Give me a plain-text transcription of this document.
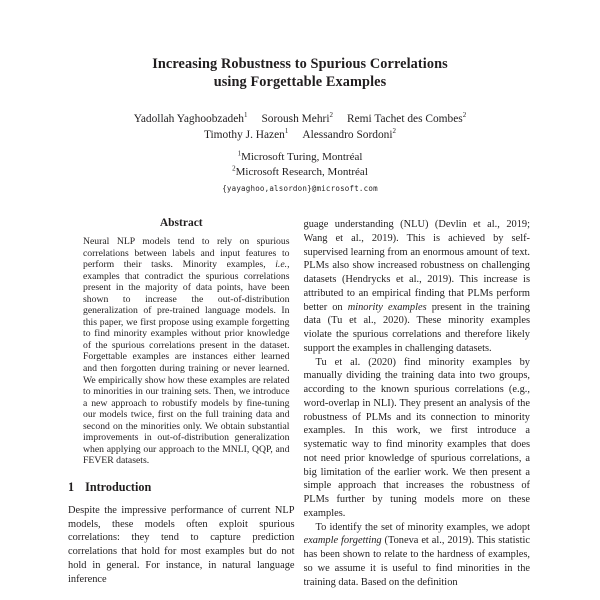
Increasing Robustness to Spurious Correlations
using Forgettable Examples
Yadollah Yaghoobzadeh$^1$ Soroush Mehri$^2$ Remi Tachet des Combes$^2$
Timothy J. Hazen$^1$ Alessandro Sordoni$^2$
$^1$Microsoft Turing, Montréal
$^2$Microsoft Research, Montréal
{yayaghoo,alsordon}@microsoft.com
Abstract
Neural NLP models tend to rely on spurious correlations between labels and input features to perform their tasks. Minority examples, i.e., examples that contradict the spurious correlations present in the majority of data points, have been shown to increase the out-of-distribution generalization of pre-trained language models. In this paper, we first propose using example forgetting to find minority examples without prior knowledge of the spurious correlations present in the dataset. Forgettable examples are instances either learned and then forgotten during training or never learned. We empirically show how these examples are related to minorities in our training sets. Then, we introduce a new approach to robustify models by fine-tuning our models twice, first on the full training data and second on the minorities only. We obtain substantial improvements in out-of-distribution generalization when applying our approach to the MNLI, QQP, and FEVER datasets.
1 Introduction

Despite the impressive performance of current NLP models, these models often exploit spurious correlations: they tend to capture prediction correlations that hold for most examples but do not hold in general. For instance, in natural language inference

guage understanding (NLU) (Devlin et al., 2019; Wang et al., 2019). This is achieved by self-supervised learning from an enormous amount of text. PLMs also show increased robustness on challenging datasets (Hendrycks et al., 2019). This increase is attributed to an empirical finding that PLMs perform better on minority examples present in the training data (Tu et al., 2020). These minority examples violate the spurious correlations and therefore likely support the examples in challenging datasets.

Tu et al. (2020) find minority examples by manually dividing the training data into two groups, according to the known spurious correlations (e.g., word-overlap in NLI). They present an analysis of the robustness of PLMs and its connection to minority examples. In this work, we first introduce a systematic way to find minority examples that does not need prior knowledge of spurious correlations, a big limitation of the earlier work. We then present a simple approach that increases the robustness of PLMs further by tuning models more on these examples.

To identify the set of minority examples, we adopt example forgetting (Toneva et al., 2019). This statistic has been shown to relate to the hardness of examples, so we assume it is useful to find minorities in the training data. Based on the definition
